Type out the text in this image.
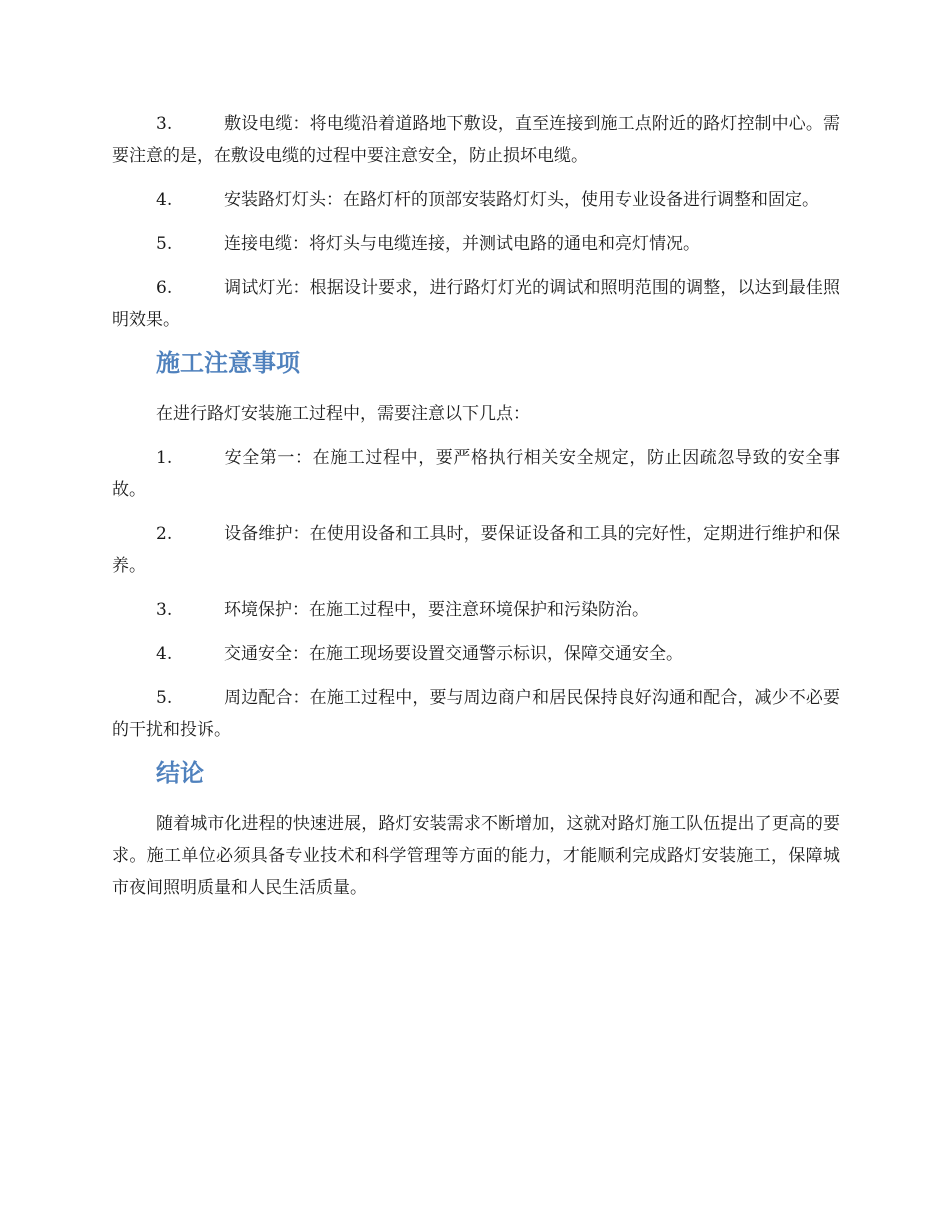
3.	敷设电缆：将电缆沿着道路地下敷设，直至连接到施工点附近的路灯控制中心。需要注意的是，在敷设电缆的过程中要注意安全，防止损坏电缆。

4.	安装路灯灯头：在路灯杆的顶部安装路灯灯头，使用专业设备进行调整和固定。

5.	连接电缆：将灯头与电缆连接，并测试电路的通电和亮灯情况。

6.	调试灯光：根据设计要求，进行路灯灯光的调试和照明范围的调整，以达到最佳照明效果。

施工注意事项

在进行路灯安装施工过程中，需要注意以下几点：

1.	安全第一：在施工过程中，要严格执行相关安全规定，防止因疏忽导致的安全事故。

2.	设备维护：在使用设备和工具时，要保证设备和工具的完好性，定期进行维护和保养。

3.	环境保护：在施工过程中，要注意环境保护和污染防治。

4.	交通安全：在施工现场要设置交通警示标识，保障交通安全。

5.	周边配合：在施工过程中，要与周边商户和居民保持良好沟通和配合，减少不必要的干扰和投诉。

结论

随着城市化进程的快速进展，路灯安装需求不断增加，这就对路灯施工队伍提出了更高的要求。施工单位必须具备专业技术和科学管理等方面的能力，才能顺利完成路灯安装施工，保障城市夜间照明质量和人民生活质量。
